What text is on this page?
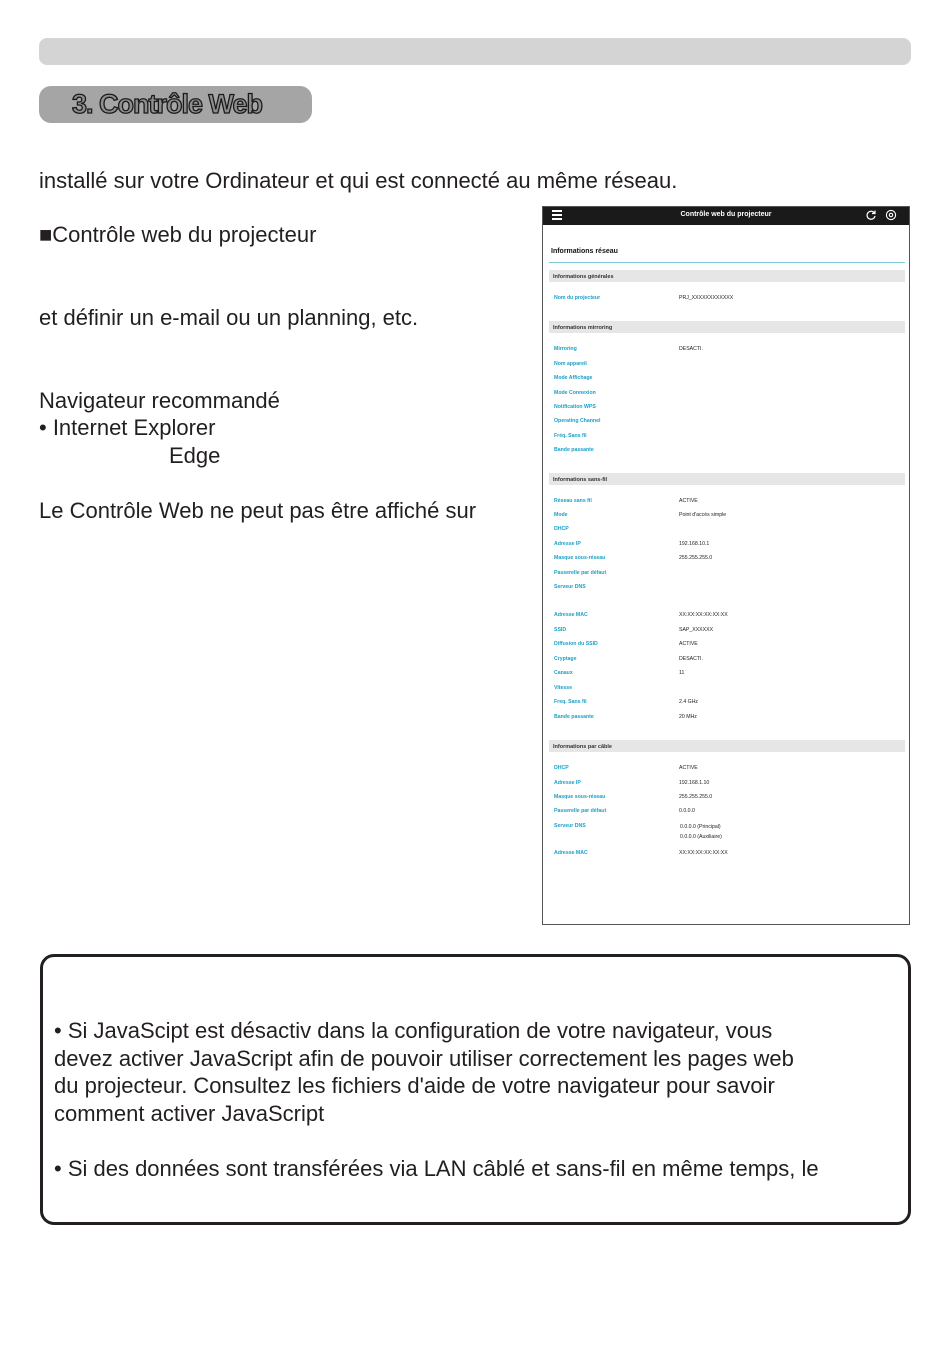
3. Contrôle Web
installé sur votre Ordinateur et qui est connecté au même réseau.
■Contrôle web du projecteur
et définir un e-mail ou un planning, etc.
Navigateur recommandé
• Internet Explorer
Edge
Le Contrôle Web ne peut pas être affiché sur
Contrôle web du projecteur
Informations réseau
Informations générales
Informations mirroring
Informations sans-fil
Informations par câble
Nom du projecteur	PRJ_XXXXXXXXXXXX
Mirroring	DESACTI.
Nom appareil
Mode Affichage
Mode Connexion
Notification WPS
Operating Channel
Fréq. Sans fil
Bande passante
Réseau sans fil	ACTIVE
Mode	Point d'accès simple
DHCP
Adresse IP	192.168.10.1
Masque sous-réseau	255.255.255.0
Passerelle par défaut
Serveur DNS
Adresse MAC	XX:XX:XX:XX:XX:XX
SSID	SAP_XXXXXX
Diffusion du SSID	ACTIVE
Cryptage	DESACTI.
Canaux	11
Vitesse
Freq. Sans fil	2.4 GHz
Bande passante	20 MHz
DHCP	ACTIVE
Adresse IP	192.168.1.10
Masque sous-réseau	255.255.255.0
Passerelle par défaut	0.0.0.0
Serveur DNS	0.0.0.0 (Principal)
0.0.0.0 (Auxiliaire)
Adresse MAC	XX:XX:XX:XX:XX:XX
• Si JavaScipt est désactiv dans la configuration de votre navigateur, vous
devez activer JavaScript afin de pouvoir utiliser correctement les pages web
du projecteur. Consultez les fichiers d'aide de votre navigateur pour savoir
comment activer JavaScript
• Si des données sont transférées via LAN câblé et sans-fil en même temps, le
